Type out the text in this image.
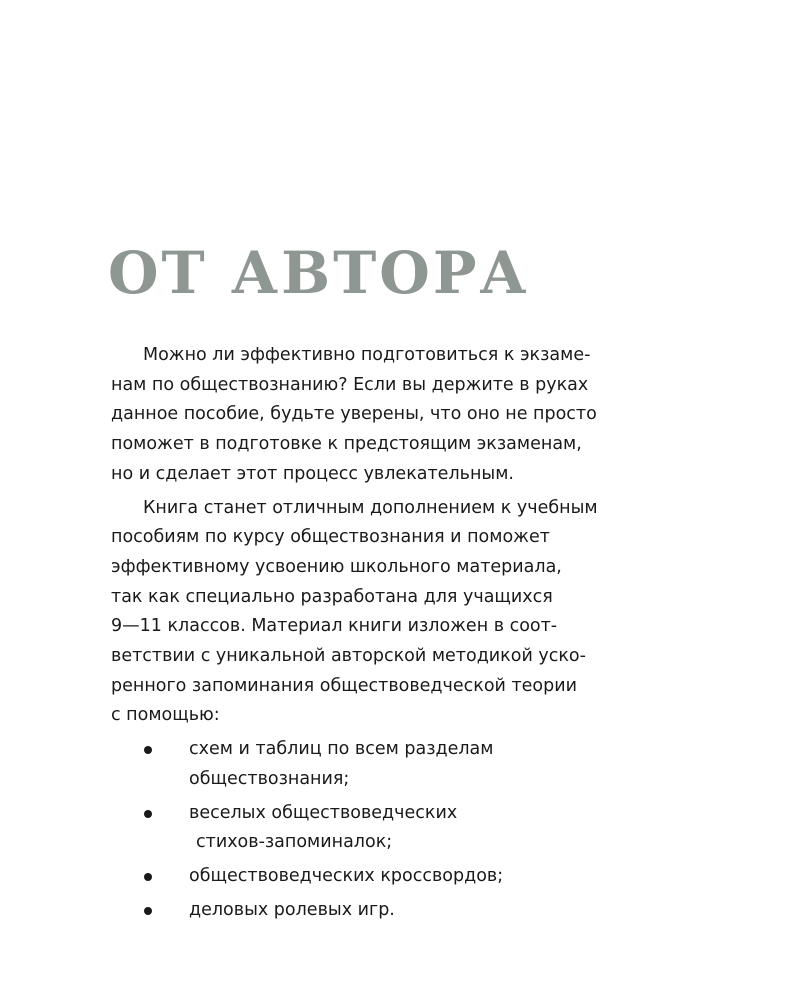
ОТ АВТОРА

Можно ли эффективно подготовиться к экзаме-
нам по обществознанию? Если вы держите в руках
данное пособие, будьте уверены, что оно не просто
поможет в подготовке к предстоящим экзаменам,
но и сделает этот процесс увлекательным.

Книга станет отличным дополнением к учебным
пособиям по курсу обществознания и поможет
эффективному усвоению школьного материала,
так как специально разработана для учащихся
9—11 классов. Материал книги изложен в соот-
ветствии с уникальной авторской методикой уско-
ренного запоминания обществоведческой теории
с помощью:

схем и таблиц по всем разделам
обществознания;
веселых обществоведческих
стихов-запоминалок;
обществоведческих кроссвордов;
деловых ролевых игр.
